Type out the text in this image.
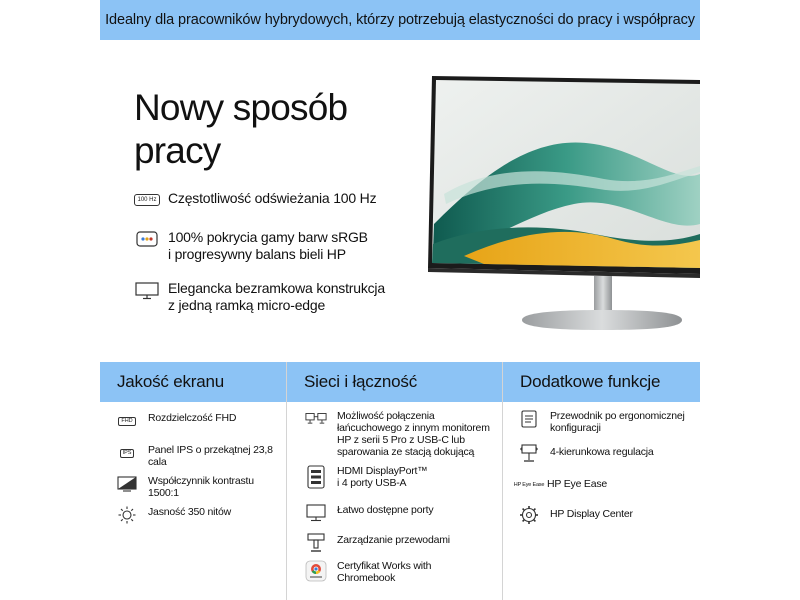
Idealny dla pracowników hybrydowych, którzy potrzebują elastyczności do pracy i współpracy
Nowy sposób
pracy
100 Hz Częstotliwość odświeżania 100 Hz
100% pokrycia gamy barw sRGB
i progresywny balans bieli HP
Elegancka bezramkowa konstrukcja
z jedną ramką micro-edge
Jakość ekranu	Sieci i łączność	Dodatkowe funkcje
FHD Rozdzielczość FHD
IPS Panel IPS o przekątnej 23,8 cala
Współczynnik kontrastu 1500:1
Jasność 350 nitów
Możliwość połączenia łańcuchowego z innym monitorem HP z serii 5 Pro z USB-C lub sparowania ze stacją dokującą
HDMI DisplayPort™
i 4 porty USB-A
Łatwo dostępne porty
Zarządzanie przewodami
Certyfikat Works with
Chromebook
Przewodnik po ergonomicznej konfiguracji
4-kierunkowa regulacja
HP Eye Ease HP Eye Ease
HP Display Center
